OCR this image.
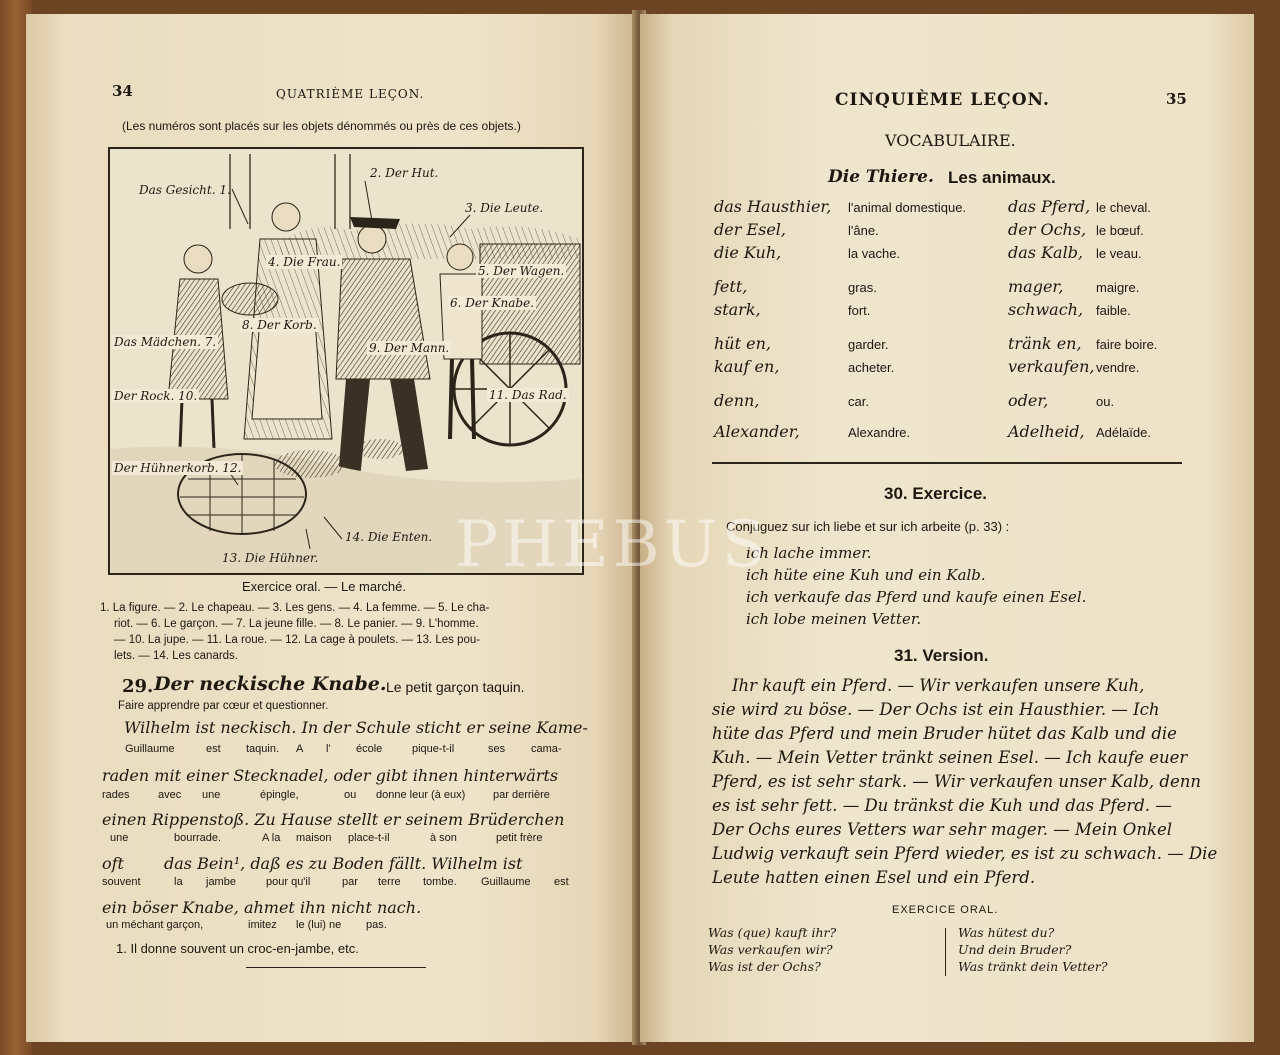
34	QUATRIÈME LEÇON.
(Les numéros sont placés sur les objets dénommés ou près de ces objets.)
Das Gesicht. 1.
2. Der Hut.
3. Die Leute.
4. Die Frau.
5. Der Wagen.
6. Der Knabe.
Das Mädchen. 7.
8. Der Korb.
9. Der Mann.
Der Rock. 10.	11. Das Rad.
Der Hühnerkorb. 12.
13. Die Hühner.
14. Die Enten.
Exercice oral. — Le marché.
1. La figure. — 2. Le chapeau. — 3. Les gens. — 4. La femme. — 5. Le cha-
riot. — 6. Le garçon. — 7. La jeune fille. — 8. Le panier. — 9. L'homme.
— 10. La jupe. — 11. La roue. — 12. La cage à poulets. — 13. Les pou-
lets. — 14. Les canards.
29. Der neckische Knabe. Le petit garçon taquin.
Faire apprendre par cœur et questionner.
Wilhelm ist neckisch. In der Schule sticht er seine Kame-
Guillaume	est taquin. A l' école	pique-t-il	ses cama-
raden mit einer Stecknadel, oder gibt ihnen hinterwärts
rades	avec une	épingle,	ou donne leur (à eux)	par derrière
einen Rippenstoß. Zu Hause stellt er seinem Brüderchen
une	bourrade.	A la maison place-t-il	à son	petit frère
oft	das Bein¹, daß es zu Boden fällt. Wilhelm ist
souvent	la jambe	pour qu'il	par terre tombe. Guillaume est
ein böser Knabe, ahmet ihn nicht nach.
un méchant garçon,	imitez le (lui) ne pas.
1. Il donne souvent un croc-en-jambe, etc.
CINQUIÈME LEÇON.	35
VOCABULAIRE.
Die Thiere. Les animaux.
das Hausthier, l'animal domestique.	das Pferd, le cheval.
der Esel,	l'âne.	der Ochs, le bœuf.
die Kuh,	la vache.	das Kalb, le veau.
fett,	gras.	mager,	maigre.
stark,	fort.	schwach, faible.
hüt en,	garder.	tränk en, faire boire.
kauf en,	acheter.	verkaufen, vendre.
denn,	car.	oder,	ou.
Alexander,	Alexandre.	Adelheid, Adélaïde.
30. Exercice.
Conjuguez sur ich liebe et sur ich arbeite (p. 33) :
ich lache immer.
ich hüte eine Kuh und ein Kalb.
ich verkaufe das Pferd und kaufe einen Esel.
ich lobe meinen Vetter.
31. Version.
Ihr kauft ein Pferd. — Wir verkaufen unsere Kuh,
sie wird zu böse. — Der Ochs ist ein Hausthier. — Ich
hüte das Pferd und mein Bruder hütet das Kalb und die
Kuh. — Mein Vetter tränkt seinen Esel. — Ich kaufe euer
Pferd, es ist sehr stark. — Wir verkaufen unser Kalb, denn
es ist sehr fett. — Du tränkst die Kuh und das Pferd. —
Der Ochs eures Vetters war sehr mager. — Mein Onkel
Ludwig verkauft sein Pferd wieder, es ist zu schwach. — Die
Leute hatten einen Esel und ein Pferd.
EXERCICE ORAL.
Was (que) kauft ihr?
Was verkaufen wir?
Was ist der Ochs?
Was hütest du?
Und dein Bruder?
Was tränkt dein Vetter?
PHEBUS
